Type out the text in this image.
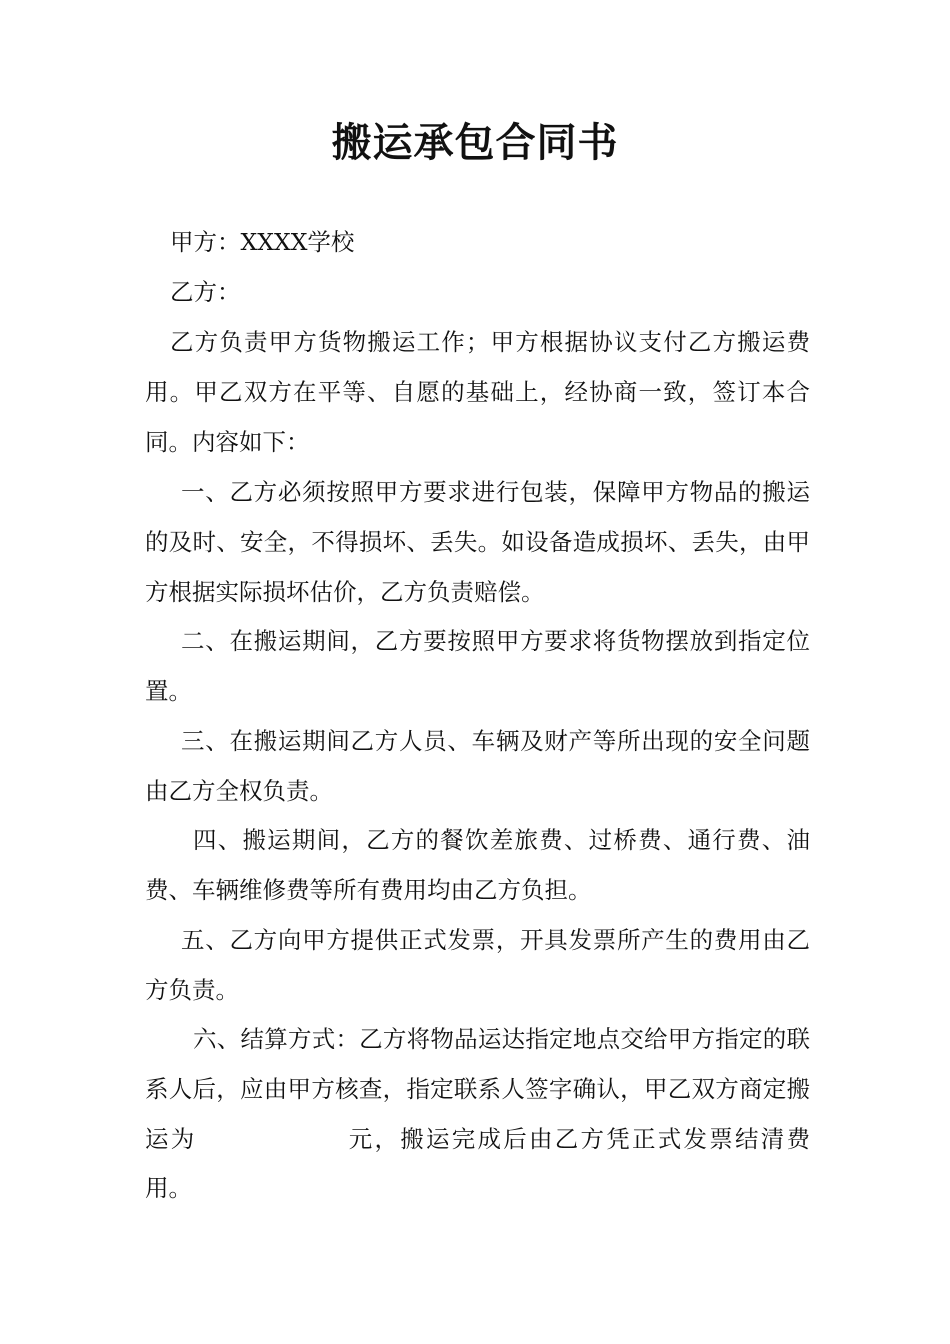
搬运承包合同书
甲方：XXXX学校
乙方：
乙方负责甲方货物搬运工作；甲方根据协议支付乙方搬运费用。甲乙双方在平等、自愿的基础上，经协商一致，签订本合同。内容如下：
一、乙方必须按照甲方要求进行包装，保障甲方物品的搬运的及时、安全，不得损坏、丢失。如设备造成损坏、丢失，由甲方根据实际损坏估价，乙方负责赔偿。
二、在搬运期间，乙方要按照甲方要求将货物摆放到指定位置。
三、在搬运期间乙方人员、车辆及财产等所出现的安全问题由乙方全权负责。
四、搬运期间，乙方的餐饮差旅费、过桥费、通行费、油费、车辆维修费等所有费用均由乙方负担。
五、乙方向甲方提供正式发票，开具发票所产生的费用由乙方负责。
六、结算方式：乙方将物品运达指定地点交给甲方指定的联系人后，应由甲方核查，指定联系人签字确认，甲乙双方商定搬运为	元，搬运完成后由乙方凭正式发票结清费用。
